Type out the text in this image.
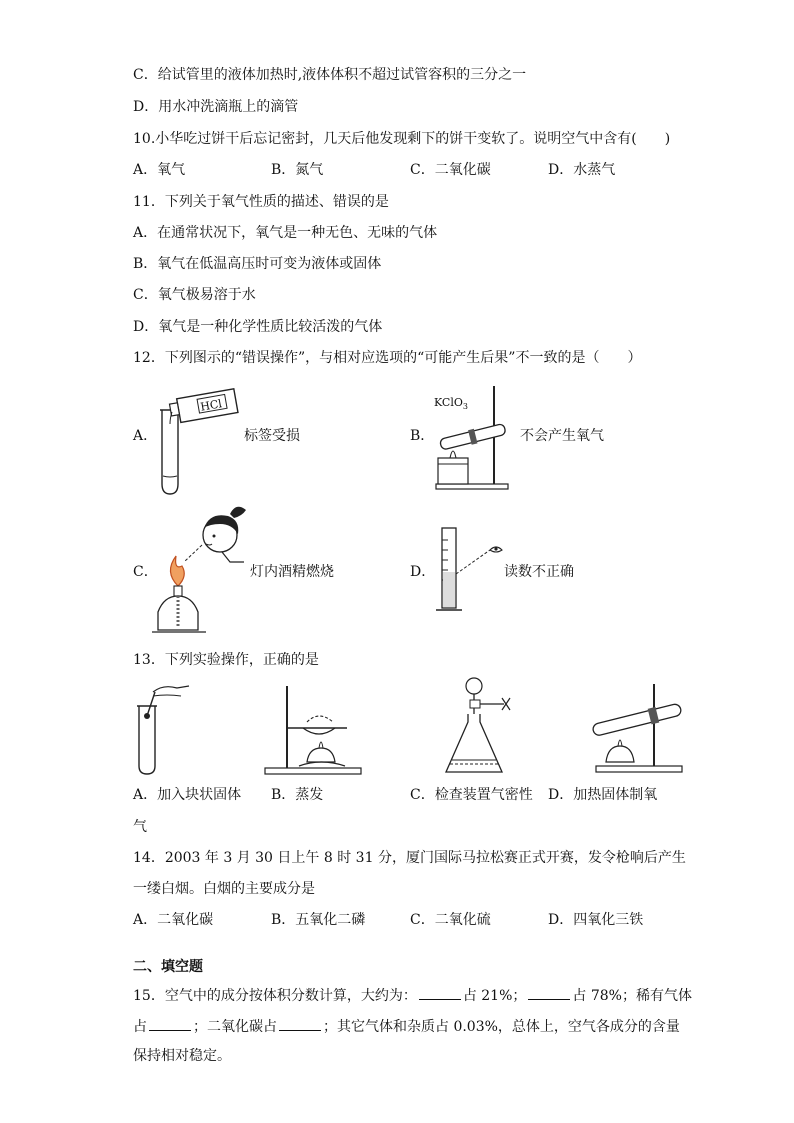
C．给试管里的液体加热时,液体体积不超过试管容积的三分之一
D．用水冲洗滴瓶上的滴管
10.小华吃过饼干后忘记密封，几天后他发现剩下的饼干变软了。说明空气中含有(　　)
A．氧气	B．氮气	C．二氧化碳	D．水蒸气
11．下列关于氧气性质的描述、错误的是
A．在通常状况下，氧气是一种无色、无味的气体
B．氧气在低温高压时可变为液体或固体
C．氧气极易溶于水
D．氧气是一种化学性质比较活泼的气体
12．下列图示的“错误操作”，与相对应选项的“可能产生后果”不一致的是（　　）
A．
HCl
标签受损	B．
KClO$_3$
不会产生氧气
C．	灯内酒精燃烧	D．	读数不正确
13．下列实验操作，正确的是
A．加入块状固体 B．蒸发	C．检查装置气密性 D．加热固体制氧
气
14．2003 年 3 月 30 日上午 8 时 31 分，厦门国际马拉松赛正式开赛，发令枪响后产生
一缕白烟。白烟的主要成分是
A．二氧化碳	B．五氧化二磷	C．二氧化硫	D．四氧化三铁
二、填空题
15．空气中的成分按体积分数计算，大约为：	占 21%；	占 78%；稀有气体
占	；二氧化碳占	；其它气体和杂质占 0.03%，总体上，空气各成分的含量
保持相对稳定。
